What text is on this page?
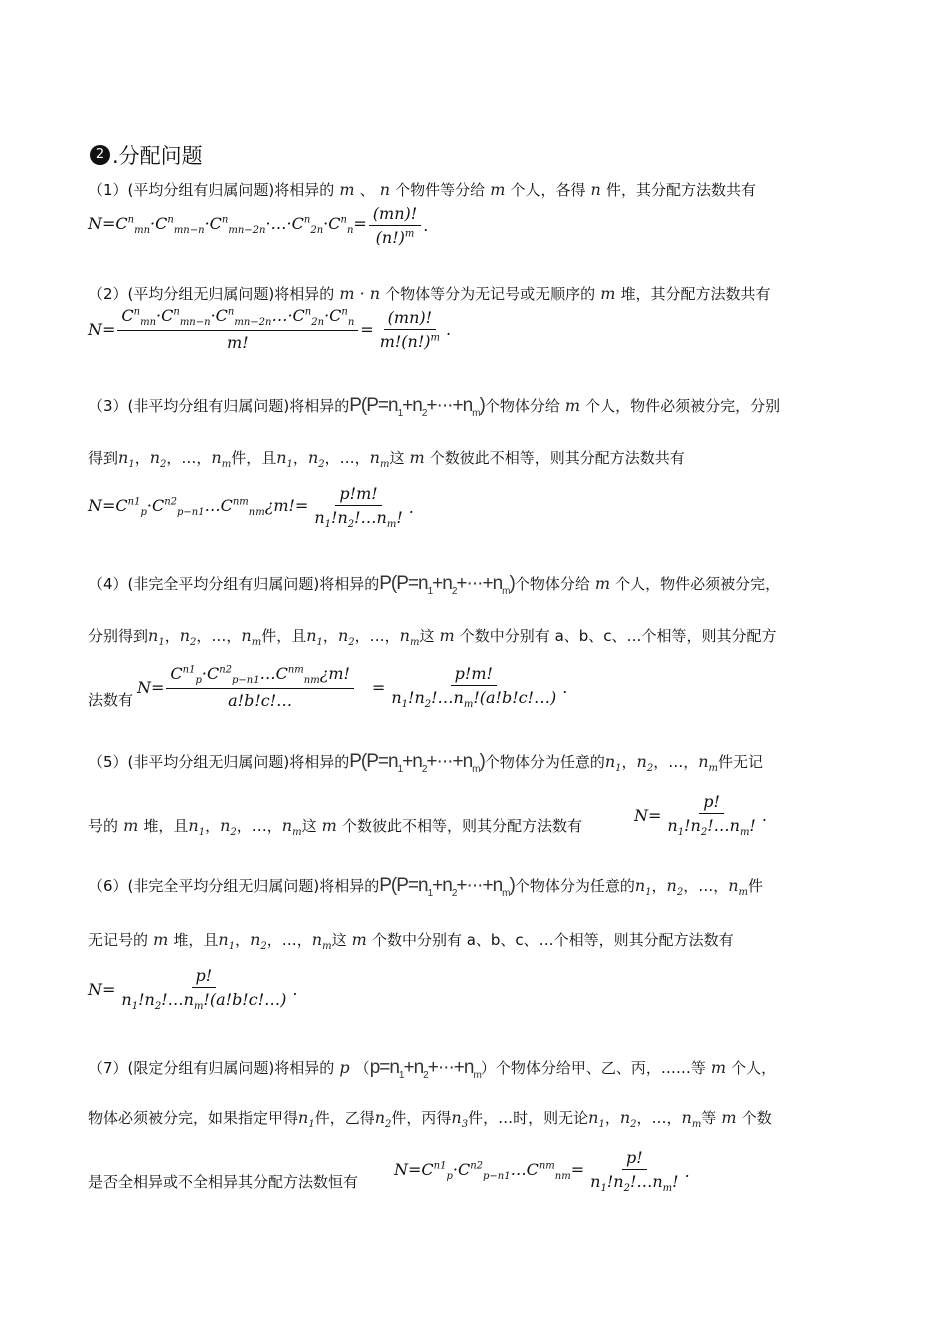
2 .分配问题
（1）(平均分组有归属问题)将相异的 m 、 n 个物件等分给 m 个人，各得 n 件，其分配方法数共有
$N=C^n_{mn}\cdot C^n_{mn-n}\cdot C^n_{mn-2n}\cdot\dots\cdot C^n_{2n}\cdot C^n_n= \frac{(mn)!}{(n!)^m}$ .
（2）(平均分组无归属问题)将相异的 m · n 个物体等分为无记号或无顺序的 m 堆，其分配方法数共有
$N= \frac{C^n_{mn}\cdot C^n_{mn-n}\cdot C^n_{mn-2n}\dots\cdot C^n_{2n}\cdot C^n_n}{m!} = \frac{(mn)!}{m!(n!)^m}$ .
（3）(非平均分组有归属问题)将相异的$P(P=n_1+n_2+\cdot\cdot\cdot+n_m)$个物体分给 m 个人，物件必须被分完，分别
得到$n_1$，$n_2$，…，$n_m$件，且$n_1$，$n_2$，…，$n_m$这 m 个数彼此不相等，则其分配方法数共有
$N=C^{n1}_p\cdot C^{n2}_{p-n1}\dots C^{nm}_{nm}¿m!= \frac{p!m!}{n_1!n_2!\dots n_m!}$ .
（4）(非完全平均分组有归属问题)将相异的$P(P=n_1+n_2+\cdot\cdot\cdot+n_m)$个物体分给 m 个人，物件必须被分完，
分别得到$n_1$，$n_2$，…，$n_m$件，且$n_1$，$n_2$，…，$n_m$这 m 个数中分别有 a、b、c、…个相等，则其分配方
法数有
$N= \frac{C^{n1}_p\cdot C^{n2}_{p-n1}\dots C^{nm}_{nm}¿m!}{a!b!c!\dots} = \frac{p!m!}{n_1!n_2!\dots n_m!(a!b!c!\dots)}$ .
（5）(非平均分组无归属问题)将相异的$P(P=n_1+n_2+\cdot\cdot\cdot+n_m)$个物体分为任意的$n_1$，$n_2$，…，$n_m$件无记
号的 m 堆，且$n_1$，$n_2$，…，$n_m$这 m 个数彼此不相等，则其分配方法数有
$N= \frac{p!}{n_1!n_2!\dots n_m!}$ .
（6）(非完全平均分组无归属问题)将相异的$P(P=n_1+n_2+\cdot\cdot\cdot+n_m)$个物体分为任意的$n_1$，$n_2$，…，$n_m$件
无记号的 m 堆，且$n_1$，$n_2$，…，$n_m$这 m 个数中分别有 a、b、c、…个相等，则其分配方法数有
$N= \frac{p!}{n_1!n_2!\dots n_m!(a!b!c!\dots)}$ .
（7）(限定分组有归属问题)将相异的 p $(p=n_1+n_2+\cdot\cdot\cdot+n_m)$个物体分给甲、乙、丙，……等 m 个人，
物体必须被分完，如果指定甲得$n_1$件，乙得$n_2$件，丙得$n_3$件，…时，则无论$n_1$，$n_2$，…，$n_m$等 m 个数
是否全相异或不全相异其分配方法数恒有
$N=C^{n1}_p\cdot C^{n2}_{p-n1}\dots C^{nm}_{nm}= \frac{p!}{n_1!n_2!\dots n_m!}$ .
